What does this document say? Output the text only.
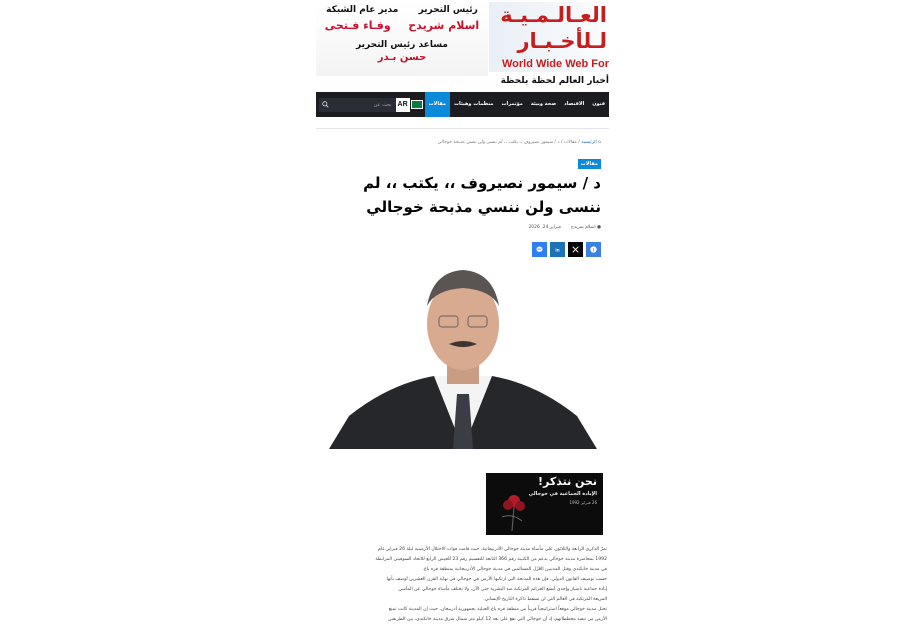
العـالـمـيـة لـلأخـبـار
World Wide Web For
أخبار العالم لحظة بلحظة
رئيس التحرير
مدير عام الشبكة
اسلام شريدح
وفـاء فـتحى
مساعد رئيس التحرير
حسن بـدر
فنون
الاقتصاد
صحة وبيئة
مؤتمرات
منظمات وهيئات
مقالات
AR
بحث عن
⌂ الرئيسية / مقالات / د / سيمور نصيروف ،، يكتب ،، لم ننسى ولن ننسي مذبحة خوجالي
مقالات
د / سيمور نصيروف ،، يكتب ،، لم ننسى ولن ننسي مذبحة خوجالي
● اسلام شريدح
فبراير 24, 2026
f
in
نحن نتذكر!
الإبادة الجماعية في خوجالي
26 فبراير 1992

تمرّ الذكرى الرابعة والثلاثون على مأساة مدينة خوجالي الأذربيجانية، حيث قامت قوات الاحتلال الأرمينية ليلة 26 فبراير عام

1992 بمحاصرة مدينة خوجالي بدعم من الكتيبة رقم 366 التابعة للتقسيم رقم 23 للجيش الرابع للاتحاد السوفيتي المرابطة

في مدينة خانكندي وقتل المدنيين العُزّل المسالمين في مدينة خوجالي الأذربيجانية بمنطقة قره باغ.

حسب توصيف القانون الدولي، فإن هذه المذبحة التي ارتكبها الأرمن في خوجالي في نهاية القرن العشرين تُوصف بأنها

إبادة جماعية بامتياز وإحدى أبشع الجرائم المرتكبة ضد البشرية حتى الآن، ولا تختلف مأساة خوجالي عن المآسي

المريعة المرتكبة في العالم التي لن تسقط ذاكرة التاريخ الإنساني.

تحتل مدينة خوجالي موقعاً استراتيجياً قريباً من منطقة قره باغ الجبلية بجمهورية أذربيجان، حيث إن المدينة كانت تمنع

الأرمن من تنفيذ مخططاتهم، إذ أن خوجالي التي تقع على بعد 12 كيلو متر شمال شرق مدينة خانكندي، بين الطريقين
